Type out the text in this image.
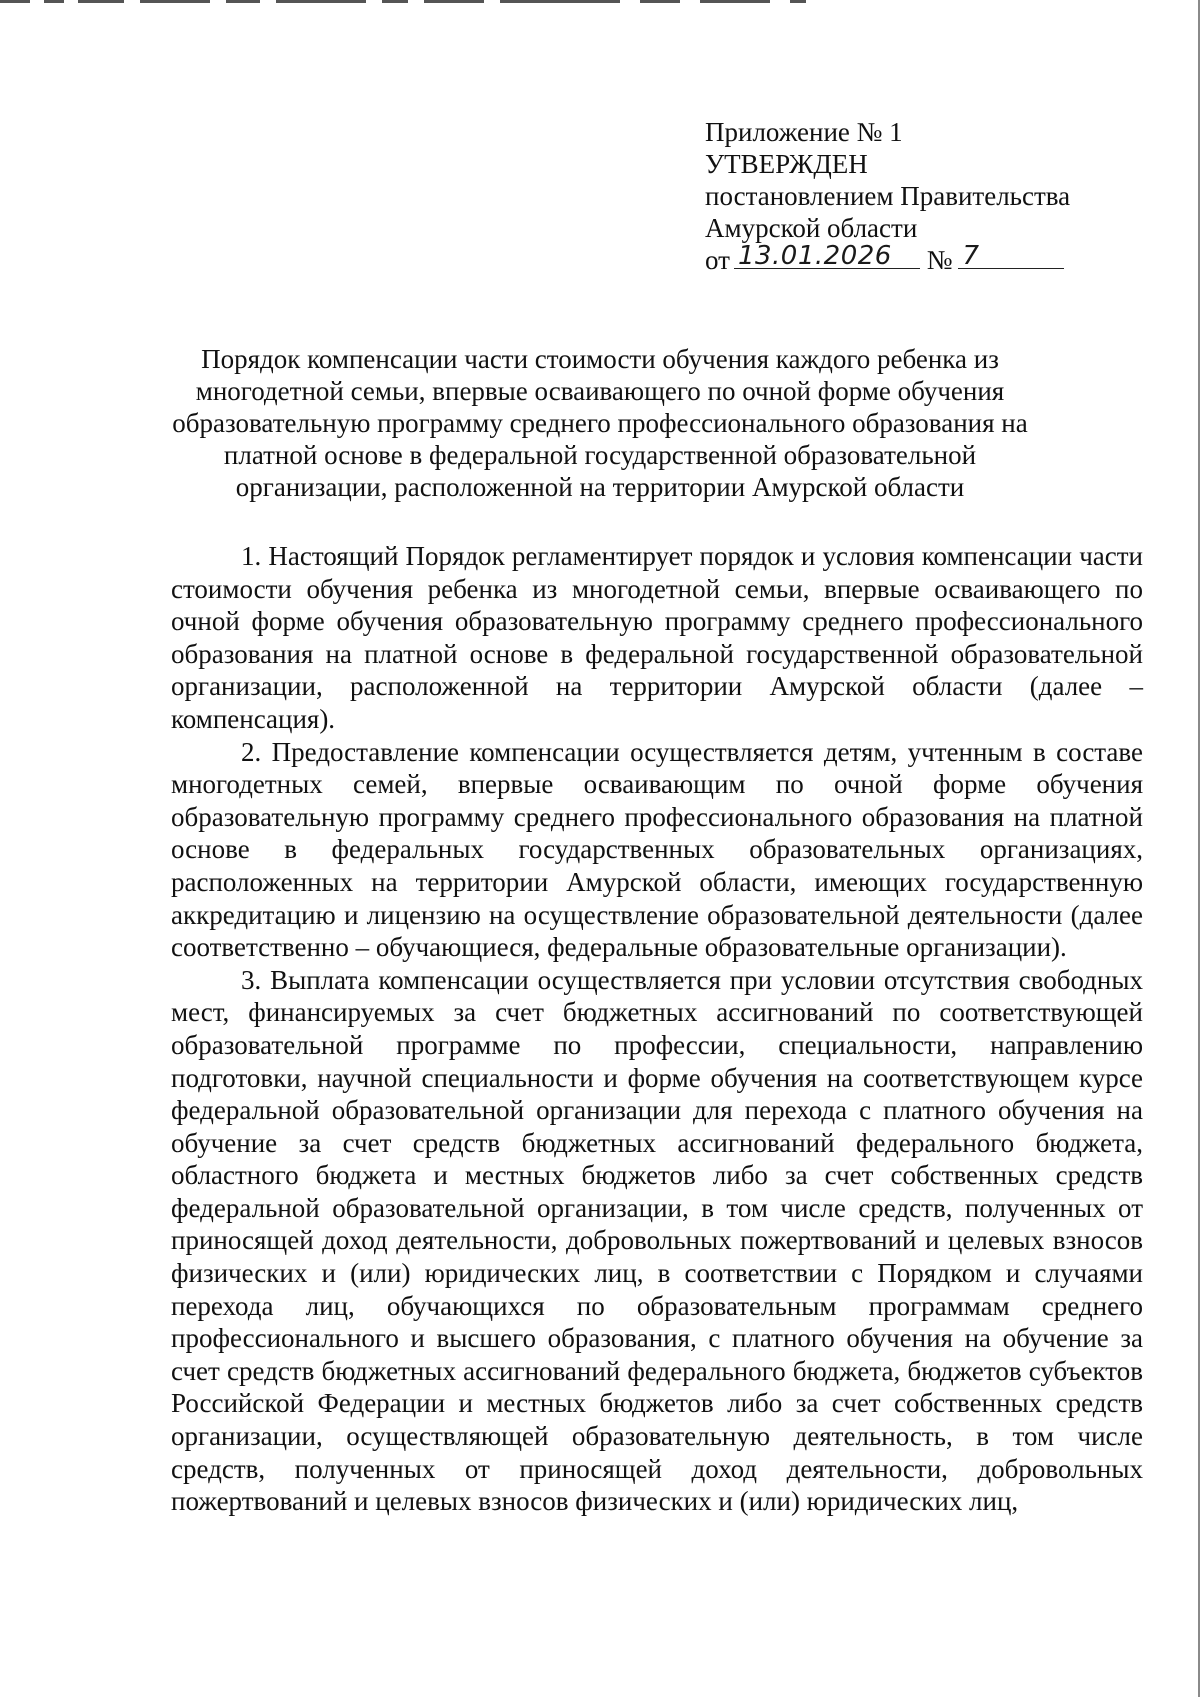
Приложение № 1
УТВЕРЖДЕН
постановлением Правительства
Амурской области
от 13.01.2026 № 7
Порядок компенсации части стоимости обучения каждого ребенка из многодетной семьи, впервые осваивающего по очной форме обучения образовательную программу среднего профессионального образования на платной основе в федеральной государственной образовательной организации, расположенной на территории Амурской области

1. Настоящий Порядок регламентирует порядок и условия компенсации части стоимости обучения ребенка из многодетной семьи, впервые осваивающего по очной форме обучения образовательную программу среднего профессионального образования на платной основе в федеральной государственной образовательной организации, расположенной на территории Амурской области (далее – компенсация).

2. Предоставление компенсации осуществляется детям, учтенным в составе многодетных семей, впервые осваивающим по очной форме обучения образовательную программу среднего профессионального образования на платной основе в федеральных государственных образовательных организациях, расположенных на территории Амурской области, имеющих государственную аккредитацию и лицензию на осуществление образовательной деятельности (далее соответственно – обучающиеся, федеральные образовательные организации).

3. Выплата компенсации осуществляется при условии отсутствия свободных мест, финансируемых за счет бюджетных ассигнований по соответствующей образовательной программе по профессии, специальности, направлению подготовки, научной специальности и форме обучения на соответствующем курсе федеральной образовательной организации для перехода с платного обучения на обучение за счет средств бюджетных ассигнований федерального бюджета, областного бюджета и местных бюджетов либо за счет собственных средств федеральной образовательной организации, в том числе средств, полученных от приносящей доход деятельности, добровольных пожертвований и целевых взносов физических и (или) юридических лиц, в соответствии с Порядком и случаями перехода лиц, обучающихся по образовательным программам среднего профессионального и высшего образования, с платного обучения на обучение за счет средств бюджетных ассигнований федерального бюджета, бюджетов субъектов Российской Федерации и местных бюджетов либо за счет собственных средств организации, осуществляющей образовательную деятельность, в том числе средств, полученных от приносящей доход деятельности, добровольных пожертвований и целевых взносов физических и (или) юридических лиц,
